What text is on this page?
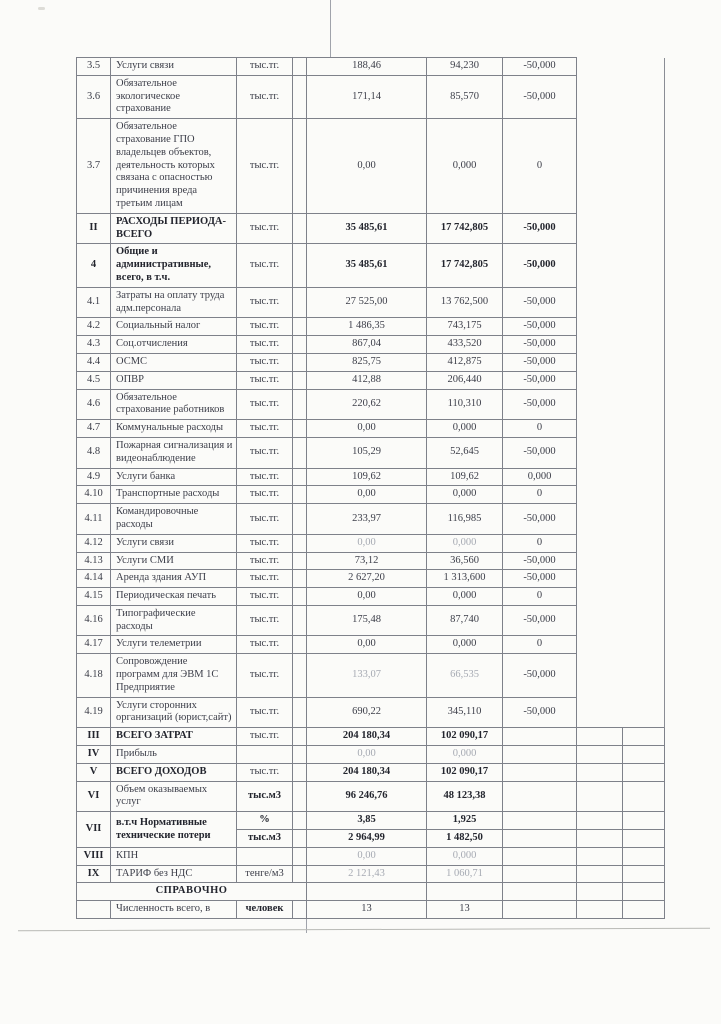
3.5	Услуги связи	тыс.тг.		188,46	94,230	-50,000		
3.6	Обязательное экологическое страхование	тыс.тг.		171,14	85,570	-50,000		
3.7	Обязательное страхование ГПО владельцев объектов, деятельность которых связана с опасностью причинения вреда третьим лицам	тыс.тг.		0,00	0,000	0		
II	РАСХОДЫ ПЕРИОДА-ВСЕГО	тыс.тг.		35 485,61	17 742,805	-50,000		
4	Общие и административные, всего, в т.ч.	тыс.тг.		35 485,61	17 742,805	-50,000		
4.1	Затраты на оплату труда адм.персонала	тыс.тг.		27 525,00	13 762,500	-50,000		
4.2	Социальный налог	тыс.тг.		1 486,35	743,175	-50,000		
4.3	Соц.отчисления	тыс.тг.		867,04	433,520	-50,000		
4.4	ОСМС	тыс.тг.		825,75	412,875	-50,000		
4.5	ОПВР	тыс.тг.		412,88	206,440	-50,000		
4.6	Обязательное страхование работников	тыс.тг.		220,62	110,310	-50,000		
4.7	Коммунальные расходы	тыс.тг.		0,00	0,000	0		
4.8	Пожарная сигнализация и видеонаблюдение	тыс.тг.		105,29	52,645	-50,000		
4.9	Услуги банка	тыс.тг.		109,62	109,62	0,000		
4.10	Транспортные расходы	тыс.тг.		0,00	0,000	0		
4.11	Командировочные расходы	тыс.тг.		233,97	116,985	-50,000		
4.12	Услуги связи	тыс.тг.		0,00	0,000	0		
4.13	Услуги СМИ	тыс.тг.		73,12	36,560	-50,000		
4.14	Аренда здания АУП	тыс.тг.		2 627,20	1 313,600	-50,000		
4.15	Периодическая печать	тыс.тг.		0,00	0,000	0		
4.16	Типографические расходы	тыс.тг.		175,48	87,740	-50,000		
4.17	Услуги телеметрии	тыс.тг.		0,00	0,000	0		
4.18	Сопровождение программ для ЭВМ 1С Предприятие	тыс.тг.		133,07	66,535	-50,000		
4.19	Услуги сторонних организаций (юрист,сайт)	тыс.тг.		690,22	345,110	-50,000		
III	ВСЕГО ЗАТРАТ	тыс.тг.		204 180,34	102 090,17			
IV	Прибыль			0,00	0,000			
V	ВСЕГО ДОХОДОВ	тыс.тг.		204 180,34	102 090,17			
VI	Объем оказываемых услуг	тыс.м3		96 246,76	48 123,38			
VII	в.т.ч Нормативные технические потери	%		3,85	1,925			
		тыс.м3		2 964,99	1 482,50			
VIII	КПН			0,00	0,000			
IX	ТАРИФ без НДС	тенге/м3		2 121,43	1 060,71			
СПРАВОЧНО								
	Численность всего, в	человек		13	13			
